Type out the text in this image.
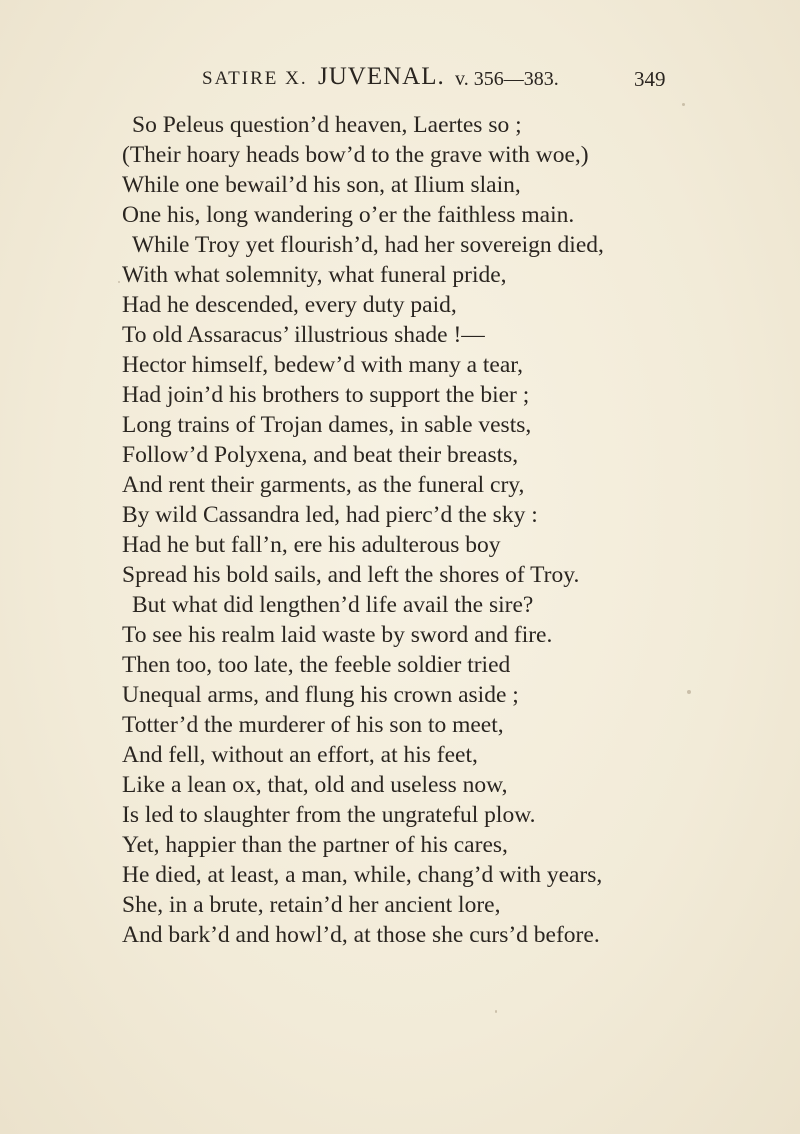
SATIRE X. JUVENAL. v. 356—383.	349
So Peleus question’d heaven, Laertes so ;
(Their hoary heads bow’d to the grave with woe,)
While one bewail’d his son, at Ilium slain,
One his, long wandering o’er the faithless main.
While Troy yet flourish’d, had her sovereign died,
With what solemnity, what funeral pride,
Had he descended, every duty paid,
To old Assaracus’ illustrious shade !—
Hector himself, bedew’d with many a tear,
Had join’d his brothers to support the bier ;
Long trains of Trojan dames, in sable vests,
Follow’d Polyxena, and beat their breasts,
And rent their garments, as the funeral cry,
By wild Cassandra led, had pierc’d the sky :
Had he but fall’n, ere his adulterous boy
Spread his bold sails, and left the shores of Troy.
But what did lengthen’d life avail the sire?
To see his realm laid waste by sword and fire.
Then too, too late, the feeble soldier tried
Unequal arms, and flung his crown aside ;
Totter’d the murderer of his son to meet,
And fell, without an effort, at his feet,
Like a lean ox, that, old and useless now,
Is led to slaughter from the ungrateful plow.
Yet, happier than the partner of his cares,
He died, at least, a man, while, chang’d with years,
She, in a brute, retain’d her ancient lore,
And bark’d and howl’d, at those she curs’d before.
